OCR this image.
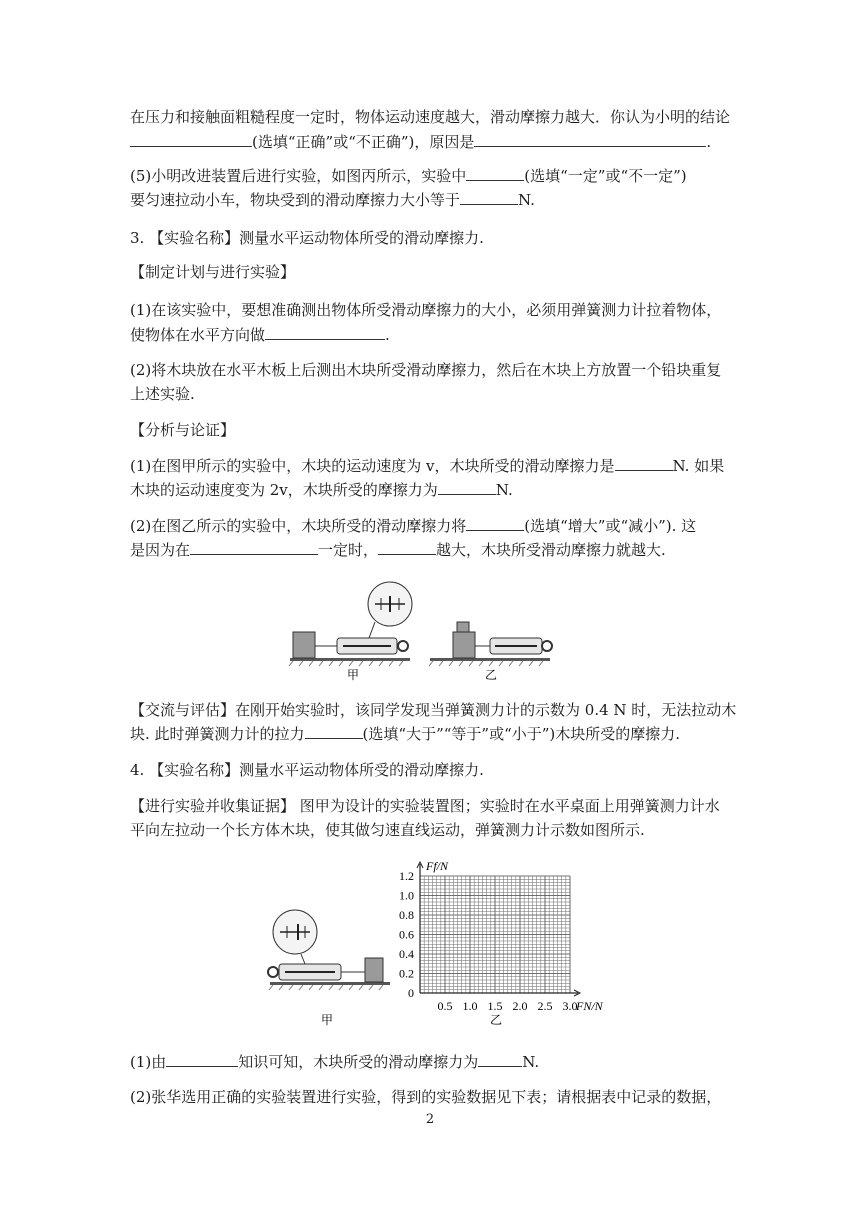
在压力和接触面粗糙程度一定时，物体运动速度越大，滑动摩擦力越大．你认为小明的结论
(选填“正确”或“不正确”)，原因是	.
(5)小明改进装置后进行实验，如图丙所示，实验中	(选填“一定”或“不一定”)
要匀速拉动小车，物块受到的滑动摩擦力大小等于	N.
3. 【实验名称】测量水平运动物体所受的滑动摩擦力.
【制定计划与进行实验】
(1)在该实验中，要想准确测出物体所受滑动摩擦力的大小，必须用弹簧测力计拉着物体，
使物体在水平方向做	.
(2)将木块放在水平木板上后测出木块所受滑动摩擦力，然后在木块上方放置一个铅块重复
上述实验.
【分析与论证】
(1)在图甲所示的实验中，木块的运动速度为 v，木块所受的滑动摩擦力是	N. 如果
木块的运动速度变为 2v，木块所受的摩擦力为	N.
(2)在图乙所示的实验中，木块所受的滑动摩擦力将	(选填“增大”或“减小”). 这
是因为在	一定时，	越大，木块所受滑动摩擦力就越大.
甲	乙
【交流与评估】在刚开始实验时，该同学发现当弹簧测力计的示数为 0.4 N 时，无法拉动木
块. 此时弹簧测力计的拉力	(选填“大于”“等于”或“小于”)木块所受的摩擦力.
4. 【实验名称】测量水平运动物体所受的滑动摩擦力.
【进行实验并收集证据】 图甲为设计的实验装置图；实验时在水平桌面上用弹簧测力计水
平向左拉动一个长方体木块，使其做匀速直线运动，弹簧测力计示数如图所示.
甲
0
0.2
0.4
0.6
0.8
1.0
1.2
0.5 1.0 1.5 2.0 2.5 3.0
Ff/N
FN/N
乙
(1)由	知识可知，木块所受的滑动摩擦力为	N.
(2)张华选用正确的实验装置进行实验，得到的实验数据见下表；请根据表中记录的数据，
2
